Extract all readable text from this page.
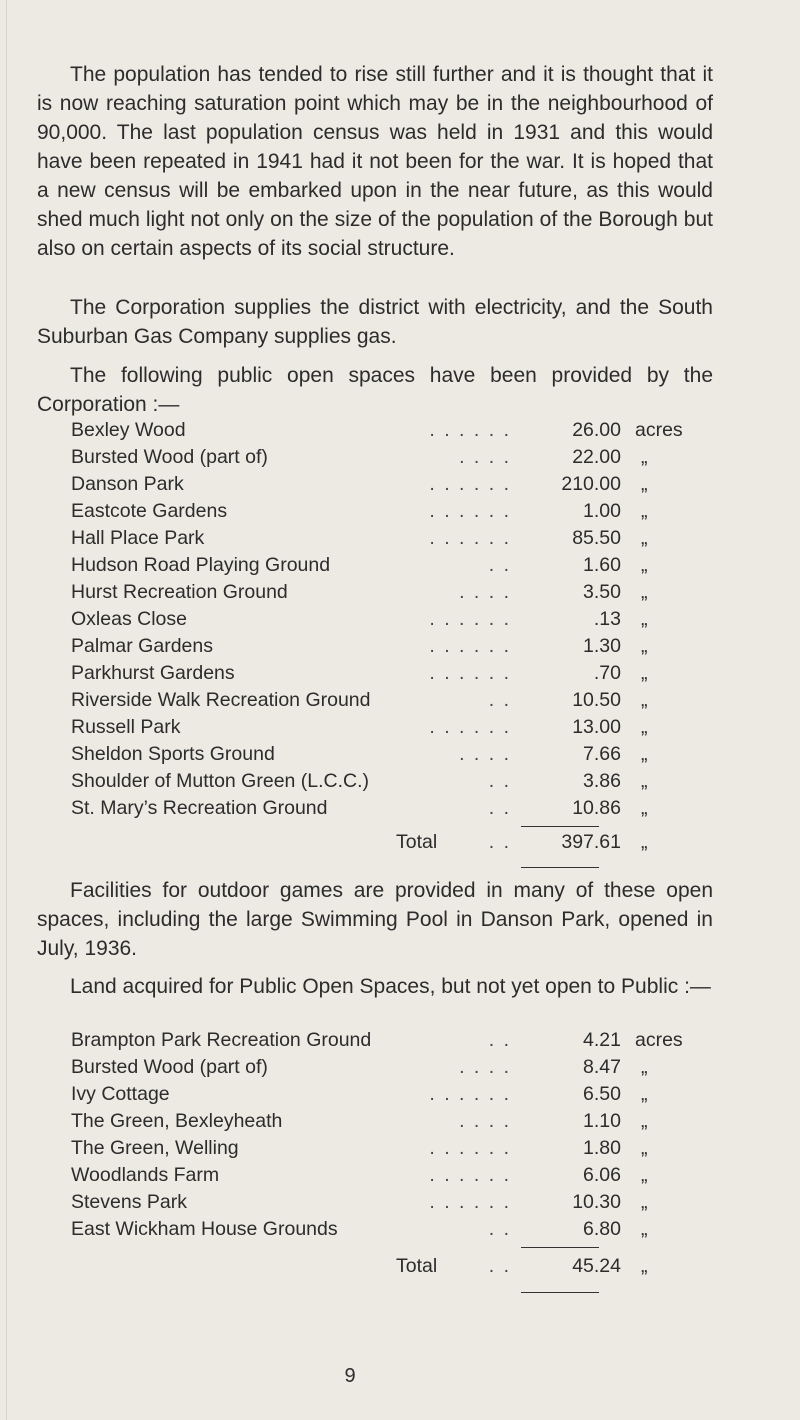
The population has tended to rise still further and it is thought that it is now reaching saturation point which may be in the neighbourhood of 90,000. The last population census was held in 1931 and this would have been repeated in 1941 had it not been for the war. It is hoped that a new census will be embarked upon in the near future, as this would shed much light not only on the size of the population of the Borough but also on certain aspects of its social structure.

The Corporation supplies the district with electricity, and the South Suburban Gas Company supplies gas.

The following public open spaces have been provided by the Corporation :—

Bexley Wood	. . . . . .	26.00 acres
Bursted Wood (part of)	. . . .	22.00 „
Danson Park	. . . . . .	210.00 „
Eastcote Gardens	. . . . . .	1.00 „
Hall Place Park	. . . . . .	85.50 „
Hudson Road Playing Ground	. .	1.60 „
Hurst Recreation Ground	. . . .	3.50 „
Oxleas Close	. . . . . .	.13 „
Palmar Gardens	. . . . . .	1.30 „
Parkhurst Gardens	. . . . . .	.70 „
Riverside Walk Recreation Ground	. .	10.50 „
Russell Park	. . . . . .	13.00 „
Sheldon Sports Ground	. . . .	7.66 „
Shoulder of Mutton Green (L.C.C.)	. .	3.86 „
St. Mary’s Recreation Ground	. .	10.86 „
Total	. .	397.61 „

Facilities for outdoor games are provided in many of these open spaces, including the large Swimming Pool in Danson Park, opened in July, 1936.

Land acquired for Public Open Spaces, but not yet open to Public :—

Brampton Park Recreation Ground	. .	4.21 acres
Bursted Wood (part of)	. . . .	8.47 „
Ivy Cottage	. . . . . .	6.50 „
The Green, Bexleyheath	. . . .	1.10 „
The Green, Welling	. . . . . .	1.80 „
Woodlands Farm	. . . . . .	6.06 „
Stevens Park	. . . . . .	10.30 „
East Wickham House Grounds	. .	6.80 „
Total	. .	45.24 „
9
